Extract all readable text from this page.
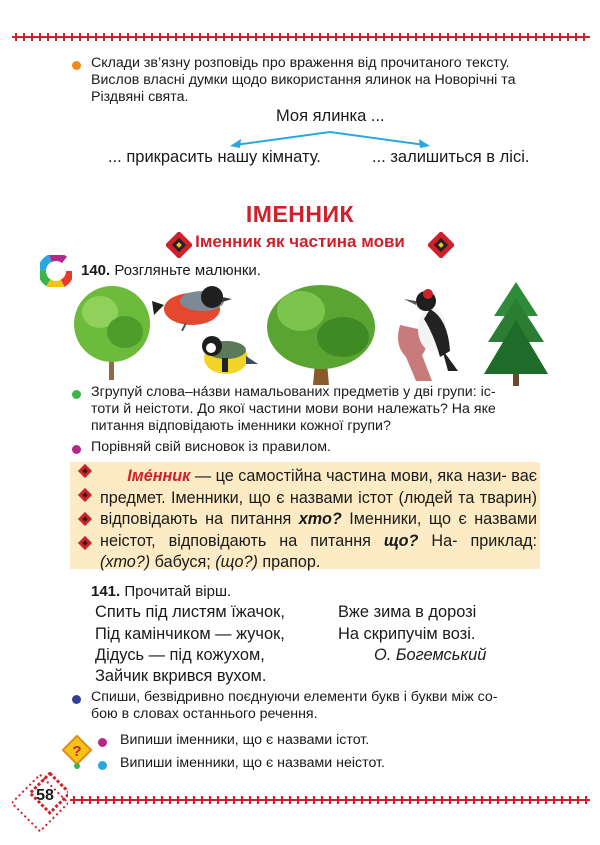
Склади зв’язну розповідь про враження від прочитаного тексту.
Вислов власні думки щодо використання ялинок на Новорічні та
Різдвяні свята.
Моя ялинка ...
... прикрасить нашу кімнату.	... залишиться в лісі.
ІМЕННИК
Іменник як частина мови
140. Розгляньте малюнки.
Згрупуй слова–на́зви намальованих предметів у дві групи: іс-
тоти й неістоти. До якої частини мови вони належать? На яке
питання відповідають іменники кожної групи?
Порівняй свій висновок із правилом.
Іме́нник — це самостійна частина мови, яка нази- ває предмет. Іменники, що є назвами істот (людей та тварин) відповідають на питання хто? Іменники, що є назвами неістот, відповідають на питання що? На- приклад: (хто?) бабуся; (що?) прапор.
141. Прочитай вірш.
Спить під листям їжачок,
Під камінчиком — жучок,
Дідусь — під кожухом,
Зайчик вкрився вухом.
Вже зима в дорозі
На скрипучім возі.
О. Богемський
Спиши, безвідривно поєднуючи елементи букв і букви між со-
бою в словах останнього речення.
?
Випиши іменники, що є назвами істот.
Випиши іменники, що є назвами неістот.
58
